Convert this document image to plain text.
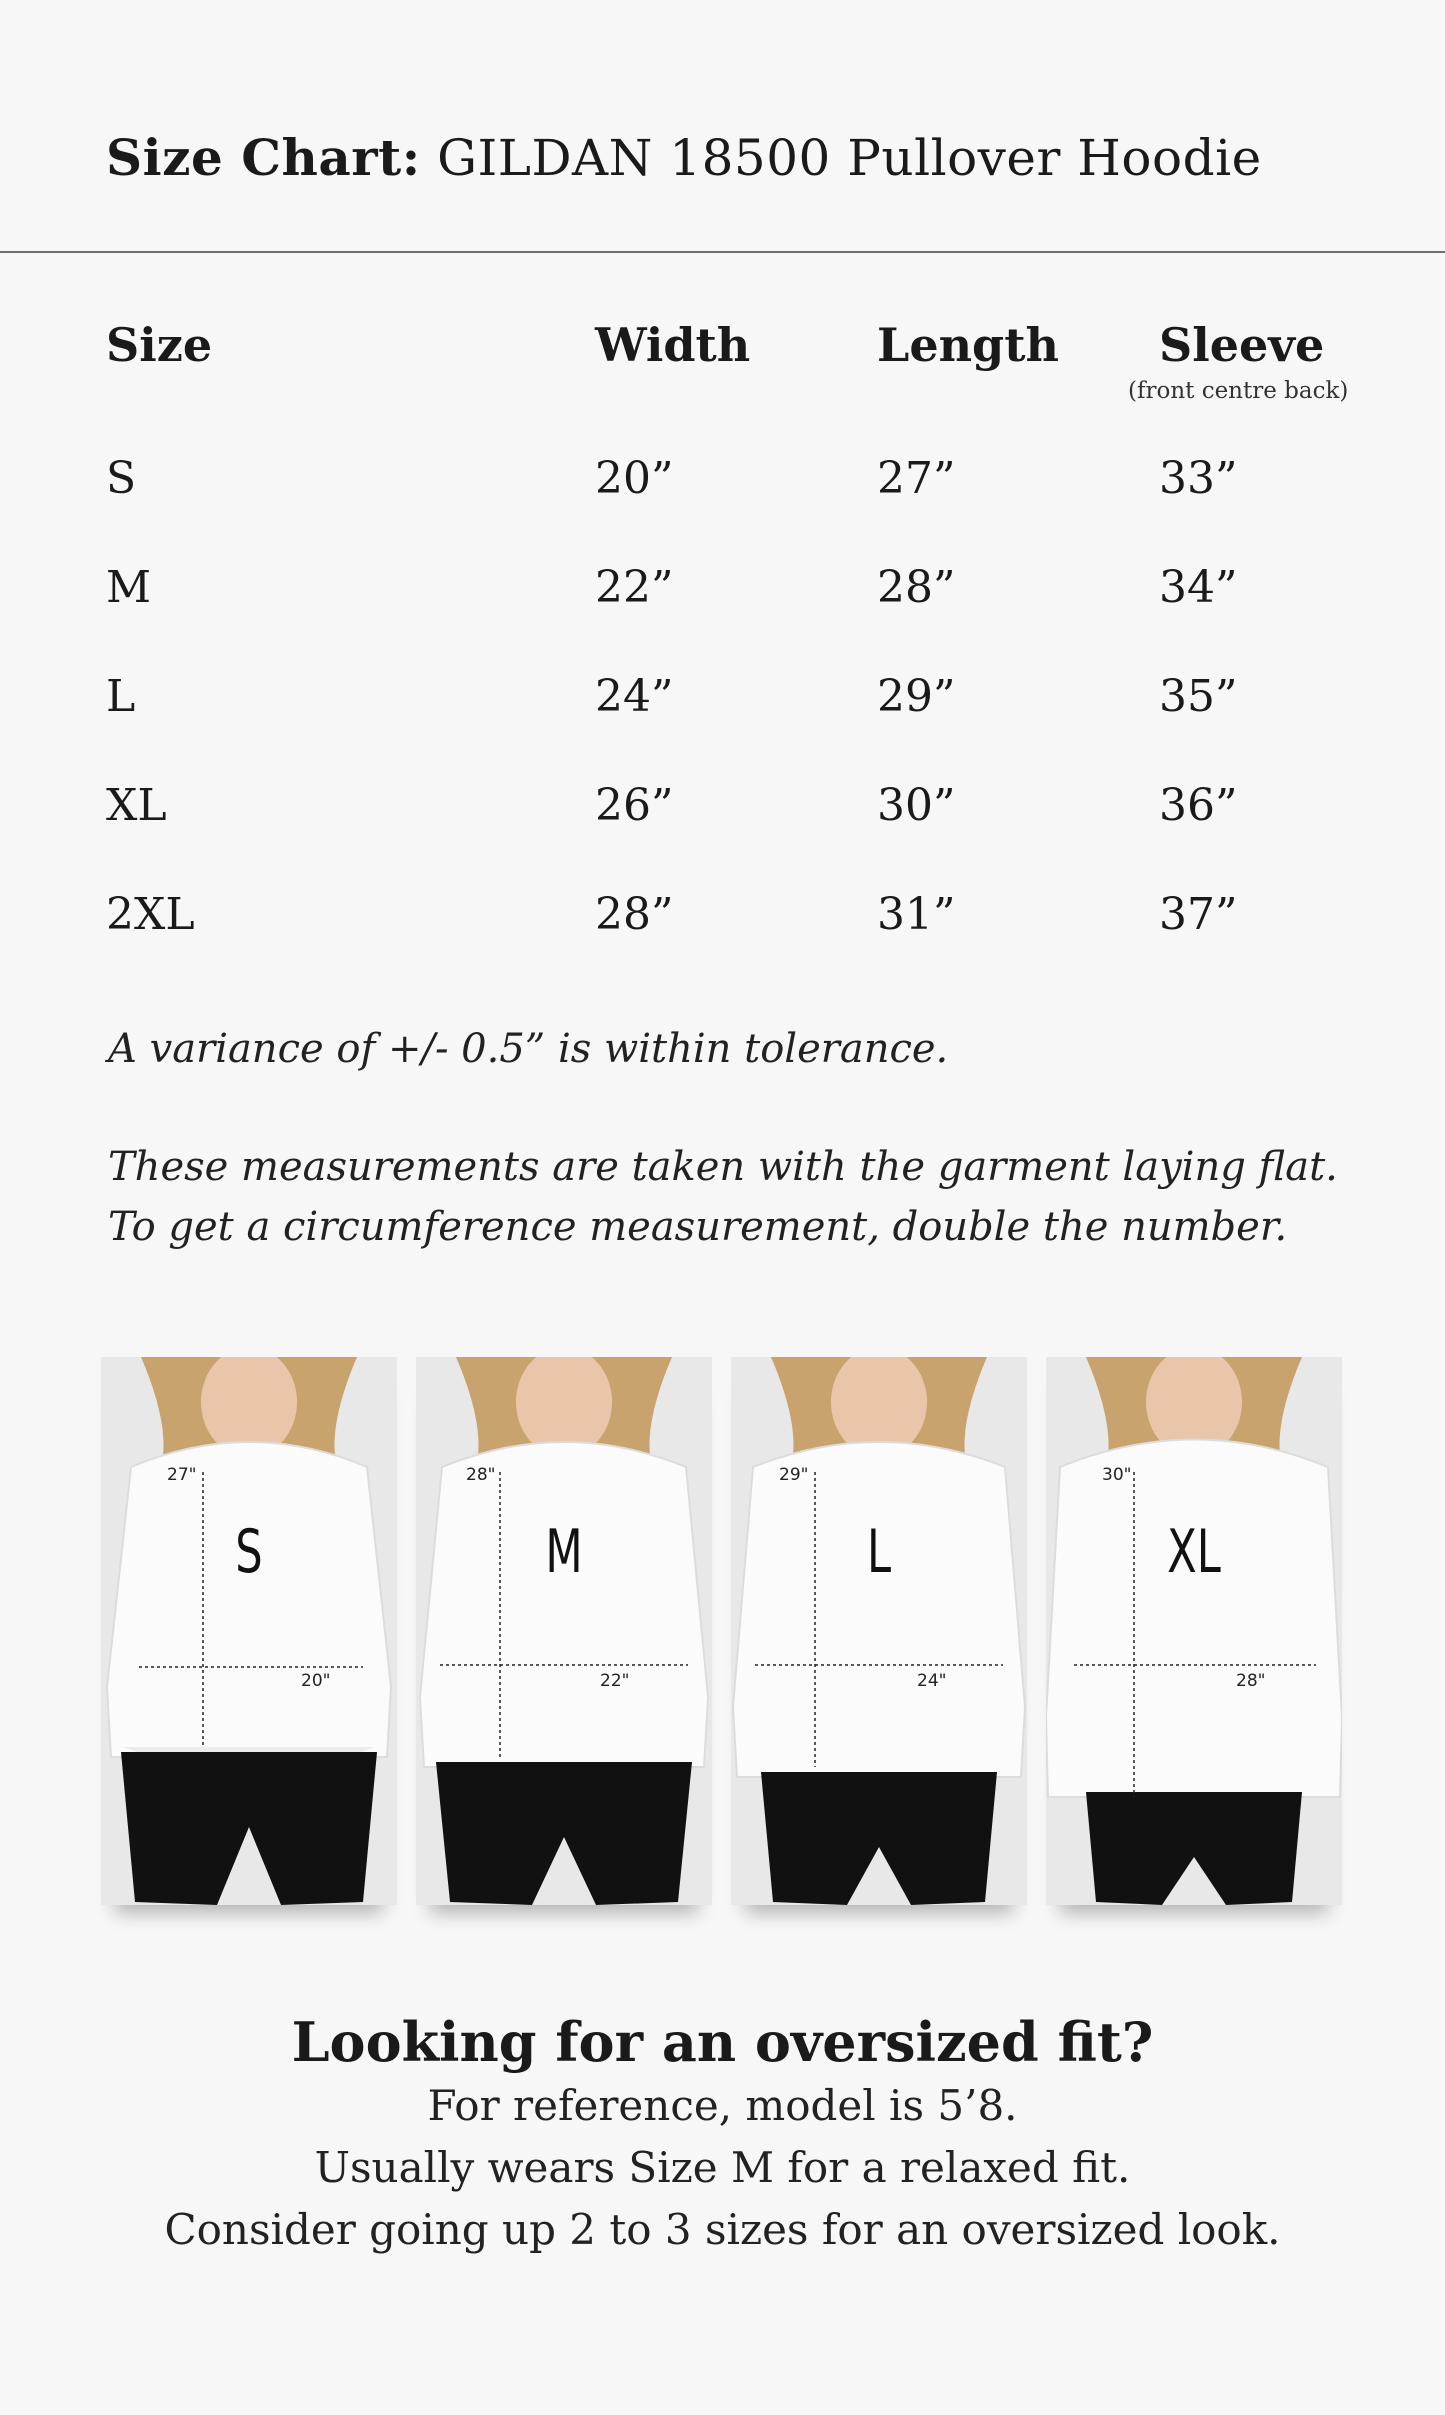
Size Chart: GILDAN 18500 Pullover Hoodie
Size	Width	Length Sleeve
(front centre back)
S	20”	27”	33”
M	22”	28”	34”
L	24”	29”	35”
XL	26”	30”	36”
2XL	28”	31”	37”
A variance of +/- 0.5” is within tolerance.
These measurements are taken with the garment laying flat.
To get a circumference measurement, double the number.
S
27"
20"
M
28"
22"
L
29"
24"
XL
30"
28"
Looking for an oversized fit?
For reference, model is 5’8.
Usually wears Size M for a relaxed fit.
Consider going up 2 to 3 sizes for an oversized look.
